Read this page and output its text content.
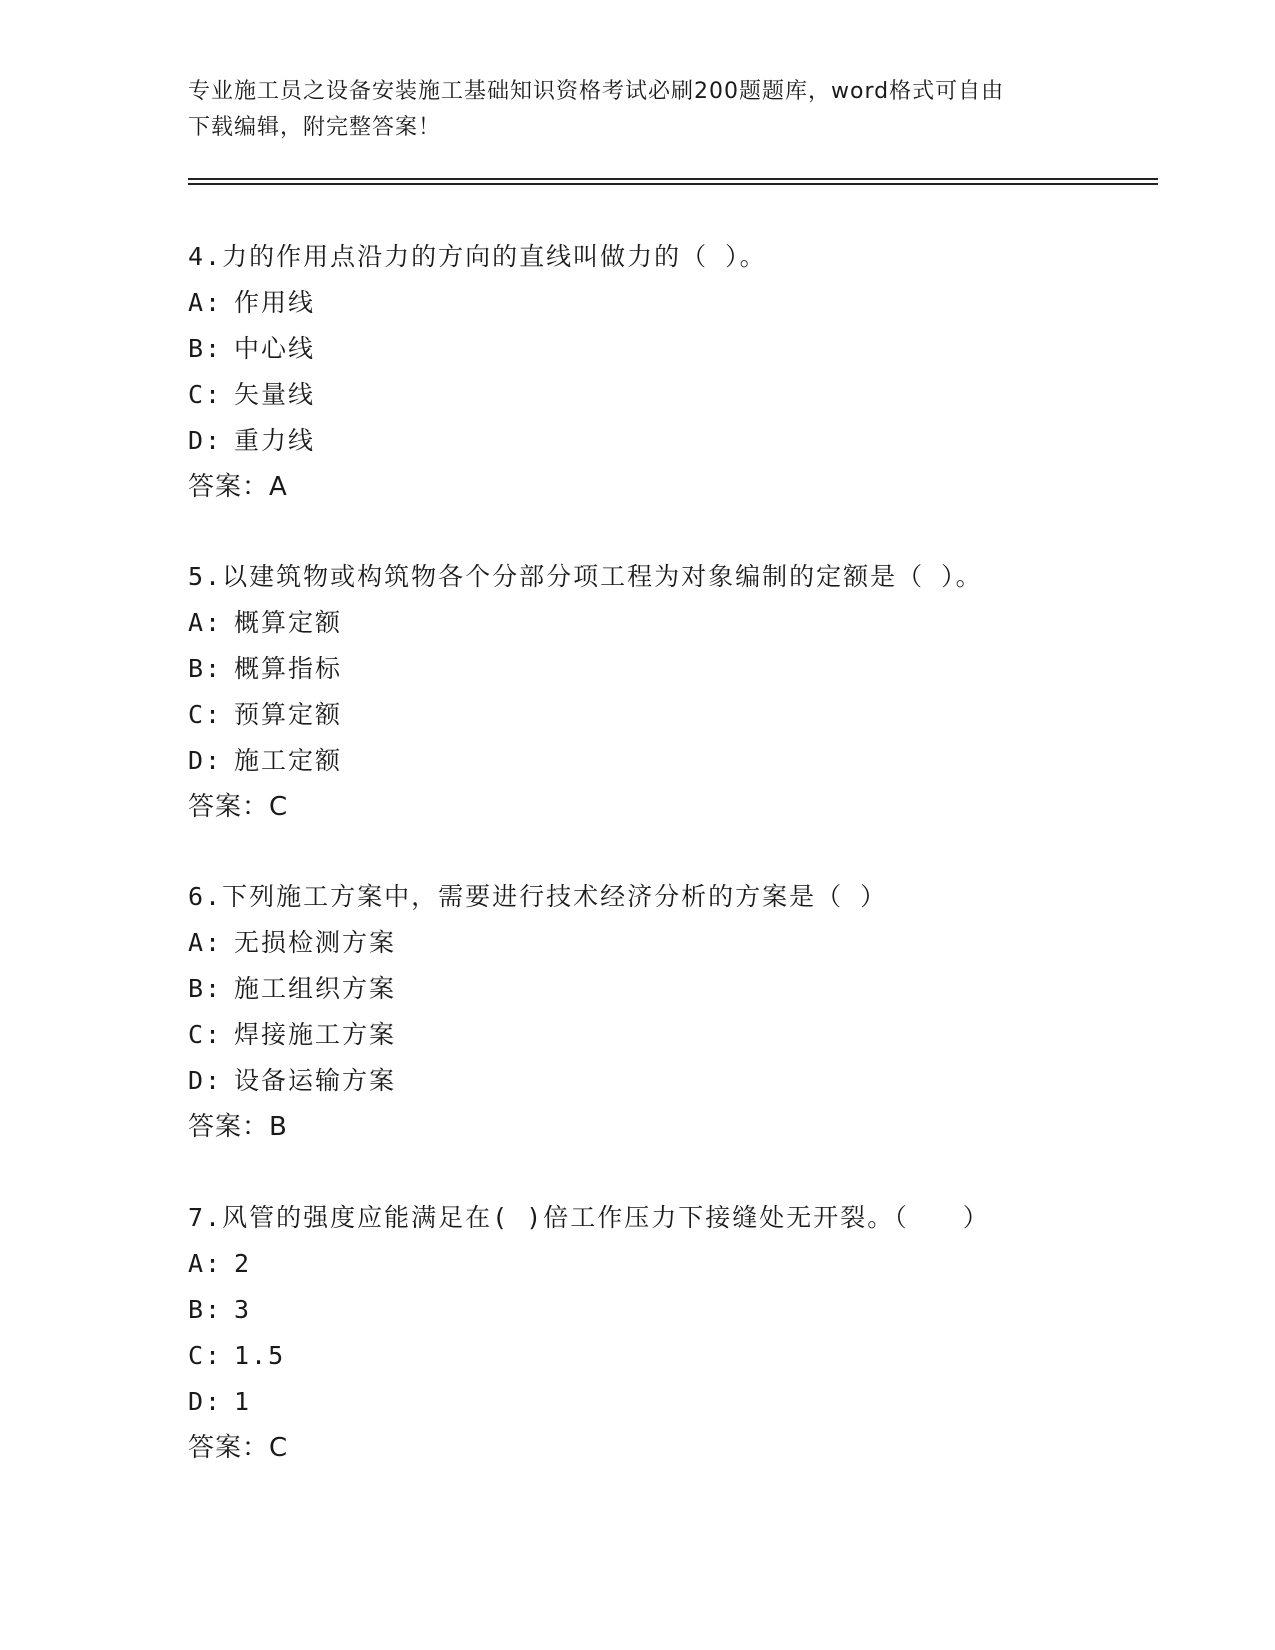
专业施工员之设备安装施工基础知识资格考试必刷200题题库，word格式可自由
下载编辑，附完整答案！
4.力的作用点沿力的方向的直线叫做力的（ ）。
A: 作用线
B: 中心线
C: 矢量线
D: 重力线
答案：A
5.以建筑物或构筑物各个分部分项工程为对象编制的定额是（ ）。
A: 概算定额
B: 概算指标
C: 预算定额
D: 施工定额
答案：C
6.下列施工方案中，需要进行技术经济分析的方案是（ ）
A: 无损检测方案
B: 施工组织方案
C: 焊接施工方案
D: 设备运输方案
答案：B
7.风管的强度应能满足在( )倍工作压力下接缝处无开裂。（　　）
A: 2
B: 3
C: 1.5
D: 1
答案：C
